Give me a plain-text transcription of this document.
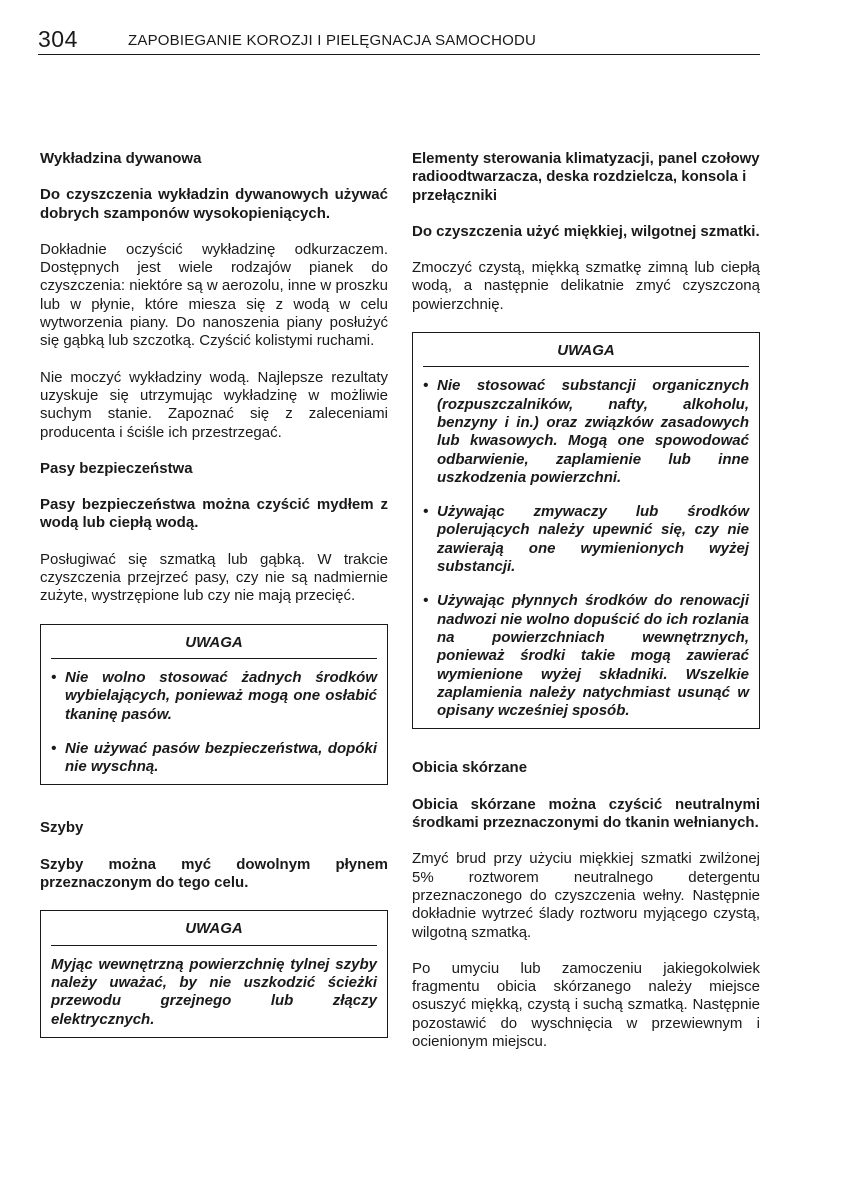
304	ZAPOBIEGANIE KOROZJI I PIELĘGNACJA SAMOCHODU

Wykładzina dywanowa

Do czyszczenia wykładzin dywanowych używać dobrych szamponów wysokopieniących.

Dokładnie oczyścić wykładzinę odkurzaczem. Dostępnych jest wiele rodzajów pianek do czyszczenia: niektóre są w aerozolu, inne w proszku lub w płynie, które miesza się z wodą w celu wytworzenia piany. Do nanoszenia piany posłużyć się gąbką lub szczotką. Czyścić kolistymi ruchami.

Nie moczyć wykładziny wodą. Najlepsze rezultaty uzyskuje się utrzymując wykładzinę w możliwie suchym stanie. Zapoznać się z zaleceniami producenta i ściśle ich przestrzegać.

Pasy bezpieczeństwa

Pasy bezpieczeństwa można czyścić mydłem z wodą lub ciepłą wodą.

Posługiwać się szmatką lub gąbką. W trakcie czyszczenia przejrzeć pasy, czy nie są nadmiernie zużyte, wystrzępione lub czy nie mają przecięć.

UWAGA
• Nie wolno stosować żadnych środków wybielających, ponieważ mogą one osłabić tkaninę pasów.
• Nie używać pasów bezpieczeństwa, dopóki nie wyschną.

Szyby

Szyby można myć dowolnym płynem przeznaczonym do tego celu.

UWAGA
Myjąc wewnętrzną powierzchnię tylnej szyby należy uważać, by nie uszkodzić ścieżki przewodu grzejnego lub złączy elektrycznych.

Elementy sterowania klimatyzacji, panel czołowy radioodtwarzacza, deska rozdzielcza, konsola i przełączniki

Do czyszczenia użyć miękkiej, wilgotnej szmatki.

Zmoczyć czystą, miękką szmatkę zimną lub ciepłą wodą, a następnie delikatnie zmyć czyszczoną powierzchnię.

UWAGA
• Nie stosować substancji organicznych (rozpuszczalników, nafty, alkoholu, benzyny i in.) oraz związków zasadowych lub kwasowych. Mogą one spowodować odbarwienie, zaplamienie lub inne uszkodzenia powierzchni.
• Używając zmywaczy lub środków polerujących należy upewnić się, czy nie zawierają one wymienionych wyżej substancji.
• Używając płynnych środków do renowacji nadwozi nie wolno dopuścić do ich rozlania na powierzchniach wewnętrznych, ponieważ środki takie mogą zawierać wymienione wyżej składniki. Wszelkie zaplamienia należy natychmiast usunąć w opisany wcześniej sposób.

Obicia skórzane

Obicia skórzane można czyścić neutralnymi środkami przeznaczonymi do tkanin wełnianych.

Zmyć brud przy użyciu miękkiej szmatki zwilżonej 5% roztworem neutralnego detergentu przeznaczonego do czyszczenia wełny. Następnie dokładnie wytrzeć ślady roztworu myjącego czystą, wilgotną szmatką.

Po umyciu lub zamoczeniu jakiegokolwiek fragmentu obicia skórzanego należy miejsce osuszyć miękką, czystą i suchą szmatką. Następnie pozostawić do wyschnięcia w przewiewnym i ocienionym miejscu.
